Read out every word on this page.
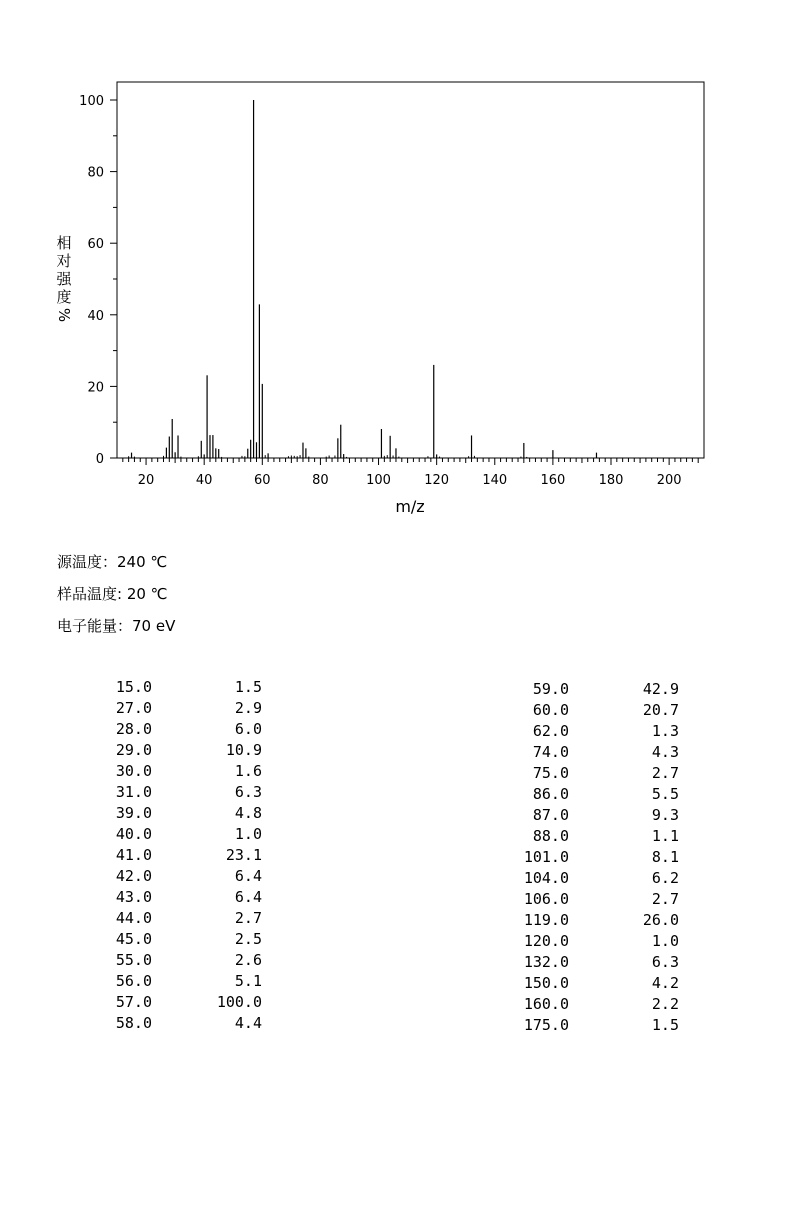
20	40	60	80	100	120	140	160	180	200
0
20
40
60
80
100
m/z
相
对
强
度
%
源温度：240 ℃
样品温度: 20 ℃
电子能量：70 eV
15.0	1.5
27.0	2.9
28.0	6.0
29.0	10.9
30.0	1.6
31.0	6.3
39.0	4.8
40.0	1.0
41.0	23.1
42.0	6.4
43.0	6.4
44.0	2.7
45.0	2.5
55.0	2.6
56.0	5.1
57.0	100.0
58.0	4.4
59.0	42.9
60.0	20.7
62.0	1.3
74.0	4.3
75.0	2.7
86.0	5.5
87.0	9.3
88.0	1.1
101.0	8.1
104.0	6.2
106.0	2.7
119.0	26.0
120.0	1.0
132.0	6.3
150.0	4.2
160.0	2.2
175.0	1.5
